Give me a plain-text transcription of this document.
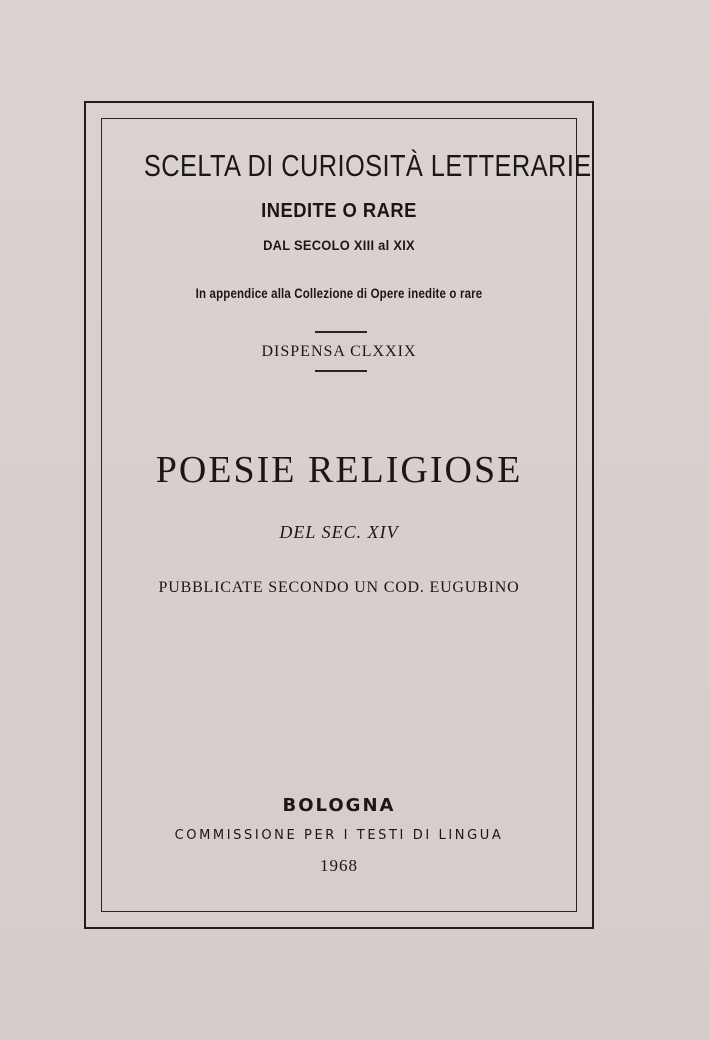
SCELTA DI CURIOSITÀ LETTERARIE
INEDITE O RARE
DAL SECOLO XIII al XIX
In appendice alla Collezione di Opere inedite o rare
DISPENSA CLXXIX
POESIE RELIGIOSE
DEL SEC. XIV
PUBBLICATE SECONDO UN COD. EUGUBINO
BOLOGNA
COMMISSIONE PER I TESTI DI LINGUA
1968
